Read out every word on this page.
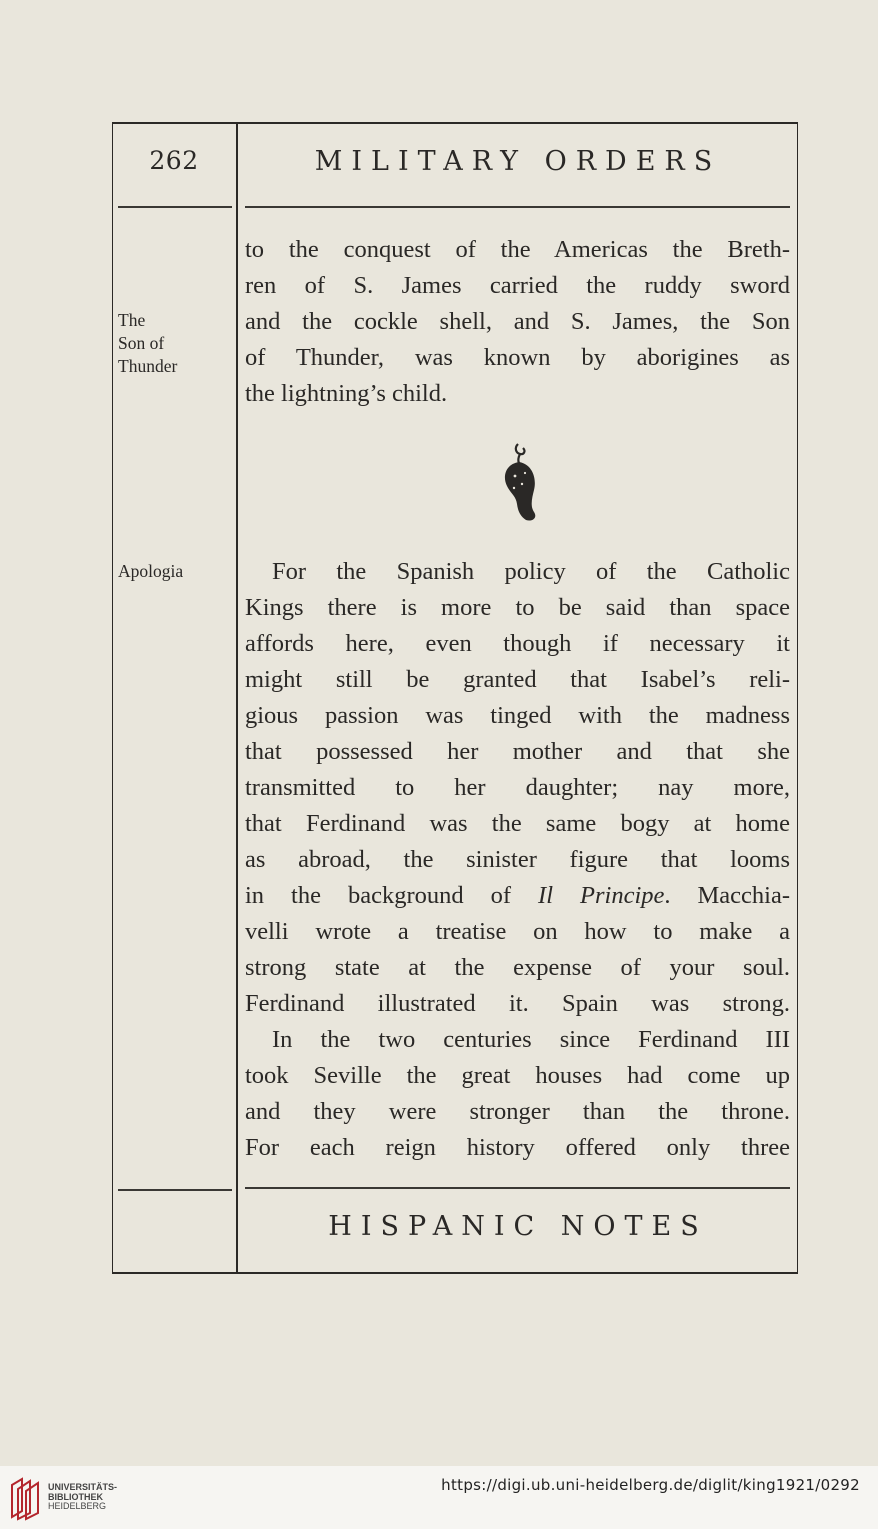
262	MILITARY ORDERS
The
Son of
Thunder
Apologia
to the conquest of the Americas the Breth-
ren of S. James carried the ruddy sword
and the cockle shell, and S. James, the Son
of Thunder, was known by aborigines as
the lightning’s child.
For the Spanish policy of the Catholic
Kings there is more to be said than space
affords here, even though if necessary it
might still be granted that Isabel’s reli-
gious passion was tinged with the madness
that possessed her mother and that she
transmitted to her daughter; nay more,
that Ferdinand was the same bogy at home
as abroad, the sinister figure that looms
in the background of Il Principe. Macchia-
velli wrote a treatise on how to make a
strong state at the expense of your soul.
Ferdinand illustrated it. Spain was strong.
In the two centuries since Ferdinand III
took Seville the great houses had come up
and they were stronger than the throne.
For each reign history offered only three
HISPANIC NOTES
UNIVERSITÄTS-
BIBLIOTHEK
HEIDELBERG
https://digi.ub.uni-heidelberg.de/diglit/king1921/0292
